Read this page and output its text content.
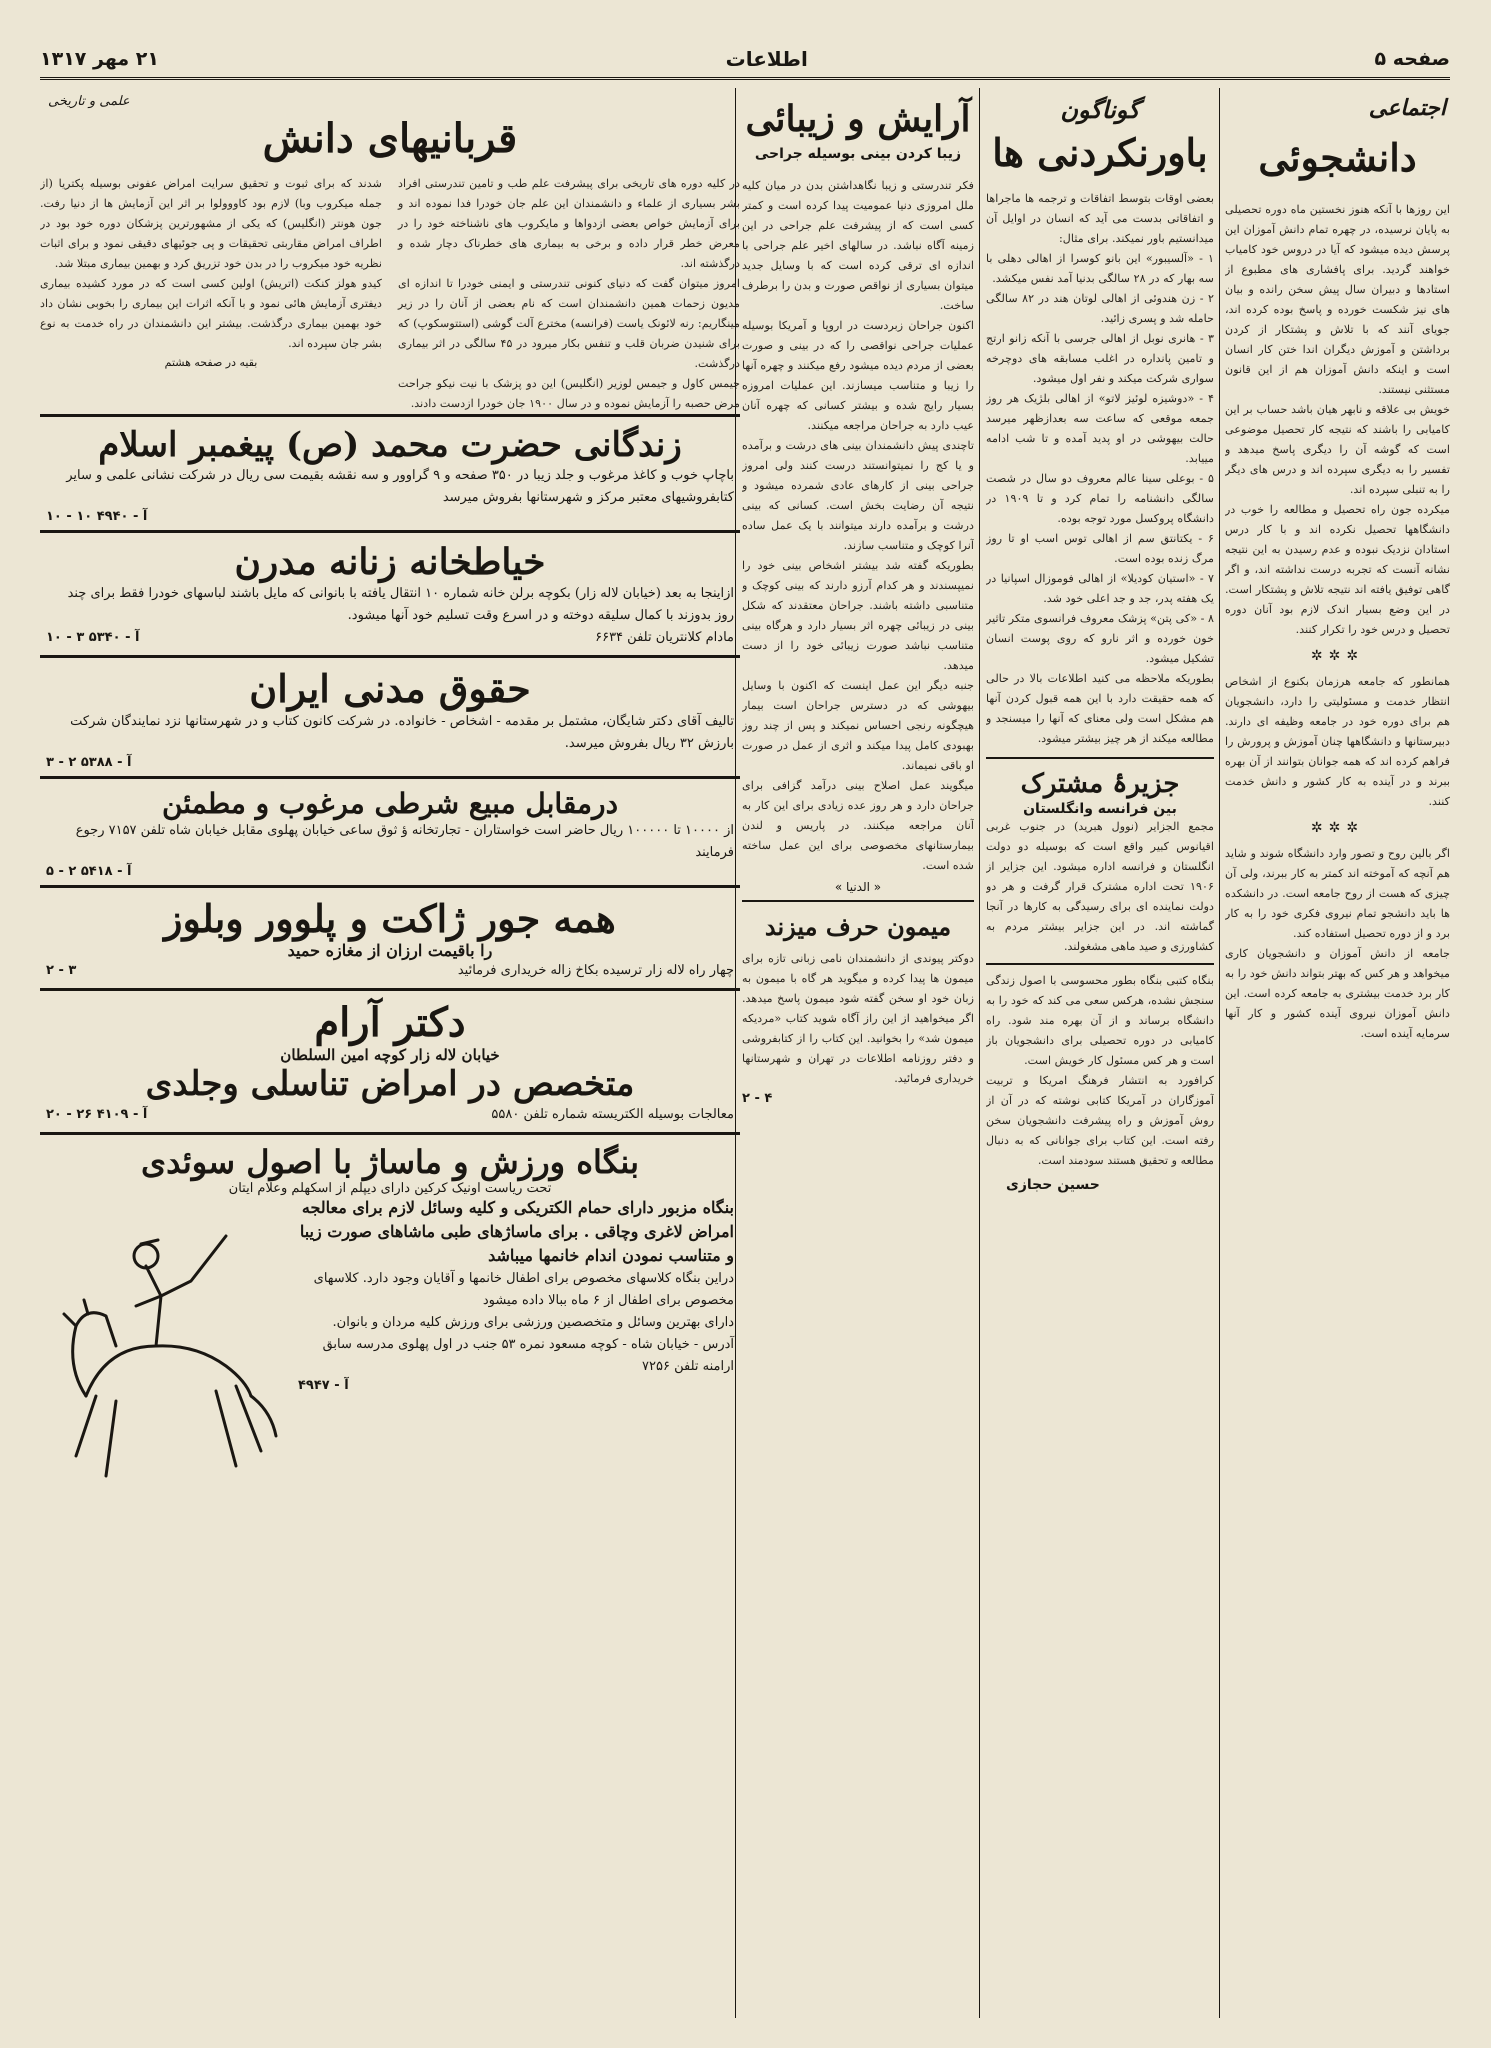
صفحه ۵
اطلاعات
۲۱ مهر ۱۳۱۷
اجتماعی
دانشجوئی

این روزها با آنکه هنوز نخستین ماه دوره تحصیلی به پایان نرسیده، در چهره تمام دانش آموزان این پرسش دیده میشود که آیا در دروس خود کامیاب خواهند گردید. برای پافشاری های مطبوع از استادها و دبیران سال پیش سخن رانده و بیان های نیز شکست خورده و پاسخ بوده کرده اند، جویای آنند که با تلاش و پشتکار از کردن برداشتن و آموزش دیگران اندا ختن کار انسان است و اینکه دانش آموزان هم از این قانون مستثنی نیستند.

خویش بی علاقه و نابهر هیان باشد حساب بر این کامیابی را باشند که نتیجه کار تحصیل موضوعی است که گوشه آن را دیگری پاسخ میدهد و تفسیر را به دیگری سپرده اند و درس های دیگر را به تنبلی سپرده اند.

میکرده جون راه تحصیل و مطالعه را خوب در دانشگاهها تحصیل نکرده اند و با کار درس استادان نزدیک نبوده و عدم رسیدن به این نتیجه نشانه آنست که تجربه درست نداشته اند، و اگر گاهی توفیق یافته اند نتیجه تلاش و پشتکار است. در این وضع بسیار اندک لازم بود آنان دوره تحصیل و درس خود را تکرار کنند.

✲✲✲

همانطور که جامعه هرزمان بکنوع از اشخاص انتظار خدمت و مسئولیتی را دارد، دانشجویان هم برای دوره خود در جامعه وظیفه ای دارند. دبیرستانها و دانشگاهها چنان آموزش و پرورش را فراهم کرده اند که همه جوانان بتوانند از آن بهره ببرند و در آینده به کار کشور و دانش خدمت کنند.

✲✲✲

اگر بالین روح و تصور وارد دانشگاه شوند و شاید هم آنچه که آموخته اند کمتر به کار ببرند، ولی آن چیزی که هست از روح جامعه است. در دانشکده ها باید دانشجو تمام نیروی فکری خود را به کار برد و از دوره تحصیل استفاده کند.

جامعه از دانش آموزان و دانشجویان کاری میخواهد و هر کس که بهتر بتواند دانش خود را به کار برد خدمت بیشتری به جامعه کرده است. این دانش آموزان نیروی آینده کشور و کار آنها سرمایه آینده است.

گوناگون
باورنکردنی ها

بعضی اوقات بتوسط اتفاقات و ترجمه ها ماجراها و اتفاقاتی بدست می آید که انسان در اوایل آن میدانستیم باور نمیکند. برای مثال:

۱ - «آلسیبور» این بانو کوسرا از اهالی دهلی با سه بهار که در ۲۸ سالگی بدنیا آمد نفس میکشد.

۲ - زن هندوئی از اهالی لوتان هند در ۸۲ سالگی حامله شد و پسری زائید.

۳ - هانری نوبل از اهالی جرسی با آنکه زانو ارتج و تامین پانداره در اغلب مسابقه های دوچرخه سواری شرکت میکند و نفر اول میشود.

۴ - «دوشیزه لوئیز لاتو» از اهالی بلژیک هر روز جمعه موقعی که ساعت سه بعدازظهر میرسد حالت بیهوشی در او پدید آمده و تا شب ادامه مییابد.

۵ - بوعلی سینا عالم معروف دو سال در شصت سالگی دانشنامه را تمام کرد و تا ۱۹۰۹ در دانشگاه پروکسل مورد توجه بوده.

۶ - یکتانتق سم از اهالی توس اسب او تا روز مرگ زنده بوده است.

۷ - «استیان کودیلا» از اهالی فوموزال اسپانیا در یک هفته پدر، جد و جد اعلی خود شد.

۸ - «کی پتن» پزشک معروف فرانسوی متکر تاثیر خون خورده و اثر نارو که روی پوست انسان تشکیل میشود.

بطوریکه ملاحظه می کنید اطلاعات بالا در حالی که همه حقیقت دارد با این همه قبول کردن آنها هم مشکل است ولی معنای که آنها را میسنجد و مطالعه میکند از هر چیز بیشتر میشود.

جزیرۂ مشترک
بین فرانسه وانگلستان

مجمع الجزایر (نوول هبرید) در جنوب غربی اقیانوس کبیر واقع است که بوسیله دو دولت انگلستان و فرانسه اداره میشود. این جزایر از ۱۹۰۶ تحت اداره مشترک قرار گرفت و هر دو دولت نماینده ای برای رسیدگی به کارها در آنجا گماشته اند. در این جزایر بیشتر مردم به کشاورزی و صید ماهی مشغولند.

بنگاه کتبی بنگاه بطور محسوسی با اصول زندگی سنجش نشده، هرکس سعی می کند که خود را به دانشگاه برساند و از آن بهره مند شود. راه کامیابی در دوره تحصیلی برای دانشجویان باز است و هر کس مسئول کار خویش است.

کرافورد به انتشار فرهنگ امریکا و تربیت آموزگاران در آمریکا کتابی نوشته که در آن از روش آموزش و راه پیشرفت دانشجویان سخن رفته است. این کتاب برای جوانانی که به دنبال مطالعه و تحقیق هستند سودمند است.

حسین حجازی
آرایش و زیبائی
زیبا کردن بینی بوسیله جراحی

فکر تندرستی و زیبا نگاهداشتن بدن در میان کلیه ملل امروزی دنیا عمومیت پیدا کرده است و کمتر کسی است که از پیشرفت علم جراحی در این زمینه آگاه نباشد. در سالهای اخیر علم جراحی با اندازه ای ترقی کرده است که با وسایل جدید میتوان بسیاری از نواقص صورت و بدن را برطرف ساخت.

اکنون جراحان زبردست در اروپا و آمریکا بوسیله عملیات جراحی نواقصی را که در بینی و صورت بعضی از مردم دیده میشود رفع میکنند و چهره آنها را زیبا و متناسب میسازند. این عملیات امروزه بسیار رایج شده و بیشتر کسانی که چهره آنان عیب دارد به جراحان مراجعه میکنند.

تاچندی پیش دانشمندان بینی های درشت و برآمده و یا کج را نمیتوانستند درست کنند ولی امروز جراحی بینی از کارهای عادی شمرده میشود و نتیجه آن رضایت بخش است. کسانی که بینی درشت و برآمده دارند میتوانند با یک عمل ساده آنرا کوچک و متناسب سازند.

بطوریکه گفته شد بیشتر اشخاص بینی خود را نمیپسندند و هر کدام آرزو دارند که بینی کوچک و متناسبی داشته باشند. جراحان معتقدند که شکل بینی در زیبائی چهره اثر بسیار دارد و هرگاه بینی متناسب نباشد صورت زیبائی خود را از دست میدهد.

جنبه دیگر این عمل اینست که اکنون با وسایل بیهوشی که در دسترس جراحان است بیمار هیچگونه رنجی احساس نمیکند و پس از چند روز بهبودی کامل پیدا میکند و اثری از عمل در صورت او باقی نمیماند.

میگویند عمل اصلاح بینی درآمد گزافی برای جراحان دارد و هر روز عده زیادی برای این کار به آنان مراجعه میکنند. در پاریس و لندن بیمارستانهای مخصوصی برای این عمل ساخته شده است.

« الدنیا »
میمون حرف میزند

دوکتر پیوندی از دانشمندان نامی زبانی تازه برای میمون ها پیدا کرده و میگوید هر گاه با میمون به زبان خود او سخن گفته شود میمون پاسخ میدهد. اگر میخواهید از این راز آگاه شوید کتاب «مردیکه میمون شد» را بخوانید. این کتاب را از کتابفروشی و دفتر روزنامه اطلاعات در تهران و شهرستانها خریداری فرمائید.

۲ - ۴
علمی و تاریخی
قربانیهای دانش

در کلیه دوره های تاریخی برای پیشرفت علم طب و تامین تندرستی افراد بشر بسیاری از علماء و دانشمندان این علم جان خودرا فدا نموده اند و برای آزمایش خواص بعضی ازدواها و مایکروب های ناشناخته خود را در معرض خطر قرار داده و برخی به بیماری های خطرناک دچار شده و درگذشته اند.

امروز میتوان گفت که دنیای کنونی تندرستی و ایمنی خودرا تا اندازه ای مدیون زحمات همین دانشمندان است که نام بعضی از آنان را در زیر مینگاریم: رنه لائونک یاست (فرانسه) مخترع آلت گوشی (استتوسکوپ) که برای شنیدن ضربان قلب و تنفس بکار میرود در ۴۵ سالگی در اثر بیماری درگذشت.

جیمس کاول و جیمس لوزیر (انگلیس) این دو پزشک با نیت نیکو جراحت مرض حصبه را آزمایش نموده و در سال ۱۹۰۰ جان خودرا ازدست دادند.

شدند که برای ثبوت و تحقیق سرایت امراض عفونی بوسیله پکتریا (از جمله میکروب وبا) لازم بود کاووولوا بر اثر این آزمایش ها از دنیا رفت. جون هونتر (انگلیس) که یکی از مشهورترین پزشکان دوره خود بود در اطراف امراض مقاربتی تحقیقات و پی جوئیهای دقیقی نمود و برای اثبات نظریه خود میکروب را در بدن خود تزریق کرد و بهمین بیماری مبتلا شد.

کیدو هولز کنکت (اتریش) اولین کسی است که در مورد کشیده بیماری دیفتری آزمایش هائی نمود و با آنکه اثرات این بیماری را بخوبی نشان داد خود بهمین بیماری درگذشت. بیشتر این دانشمندان در راه خدمت به نوع بشر جان سپرده اند.

بقیه در صفحه هشتم
زندگانی حضرت محمد (ص) پیغمبر اسلام
باچاپ خوب و کاغذ مرغوب و جلد زیبا در ۳۵۰ صفحه و ۹ گراوور و سه نقشه بقیمت سی ریال در شرکت نشانی علمی و سایر کتابفروشیهای معتبر مرکز و شهرستانها بفروش میرسد
آ - ۴۹۴۰ ۱۰ - ۱۰
خیاطخانه زنانه مدرن
ازاینجا به بعد (خیابان لاله زار) بکوچه برلن خانه شماره ۱۰ انتقال یافته با بانوانی که مایل باشند لباسهای خودرا فقط برای چند روز بدوزند با کمال سلیقه دوخته و در اسرع وقت تسلیم خود آنها میشود.
مادام کلانتریان تلفن ۶۶۳۴
آ - ۵۳۴۰ ۳ - ۱۰
حقوق مدنی ایران
تالیف آقای دکتر شایگان، مشتمل بر مقدمه - اشخاص - خانواده. در شرکت کانون کتاب و در شهرستانها نزد نمایندگان شرکت بارزش ۳۲ ریال بفروش میرسد.
آ - ۵۳۸۸ ۲ - ۳
درمقابل مبیع شرطی مرغوب و مطمئن
از ۱۰۰۰۰ تا ۱۰۰۰۰۰ ریال حاضر است خواستاران - تجارتخانه ؤ ثوق ساعی خیابان پهلوی مقابل خیابان شاه تلفن ۷۱۵۷ رجوع فرمایند
آ - ۵۴۱۸ ۲ - ۵
همه جور ژاکت و پلوور وبلوز
را باقیمت ارزان از مغازه حمید
چهار راه لاله زار ترسیده بکاخ زاله خریداری فرمائید
۲ - ۳
دکتر آرام
خیابان لاله زار کوچه امین السلطان
متخصص در امراض تناسلی وجلدی
معالجات بوسیله الکتریسته شماره تلفن ۵۵۸۰
آ - ۴۱۰۹ ۲۶ - ۲۰
بنگاه ورزش و ماساژ با اصول سوئدی
تحت ریاست اونیک کرکین دارای دیپلم از اسکهلم وعلام ایتان
بنگاه مزبور دارای حمام الکتریکی و کلیه وسائل لازم برای معالجه امراض لاغری وچاقی . برای ماساژهای طبی ماشاهای صورت زیبا و متناسب نمودن اندام خانمها میباشد
دراین بنگاه کلاسهای مخصوص برای اطفال خانمها و آقایان وجود دارد. کلاسهای مخصوص برای اطفال از ۶ ماه ببالا داده میشود
دارای بهترین وسائل و متخصصین ورزشی برای ورزش کلیه مردان و بانوان. آدرس - خیابان شاه - کوچه مسعود نمره ۵۳ جنب در اول پهلوی مدرسه سابق ارامنه تلفن ۷۲۵۶
آ - ۴۹۴۷
